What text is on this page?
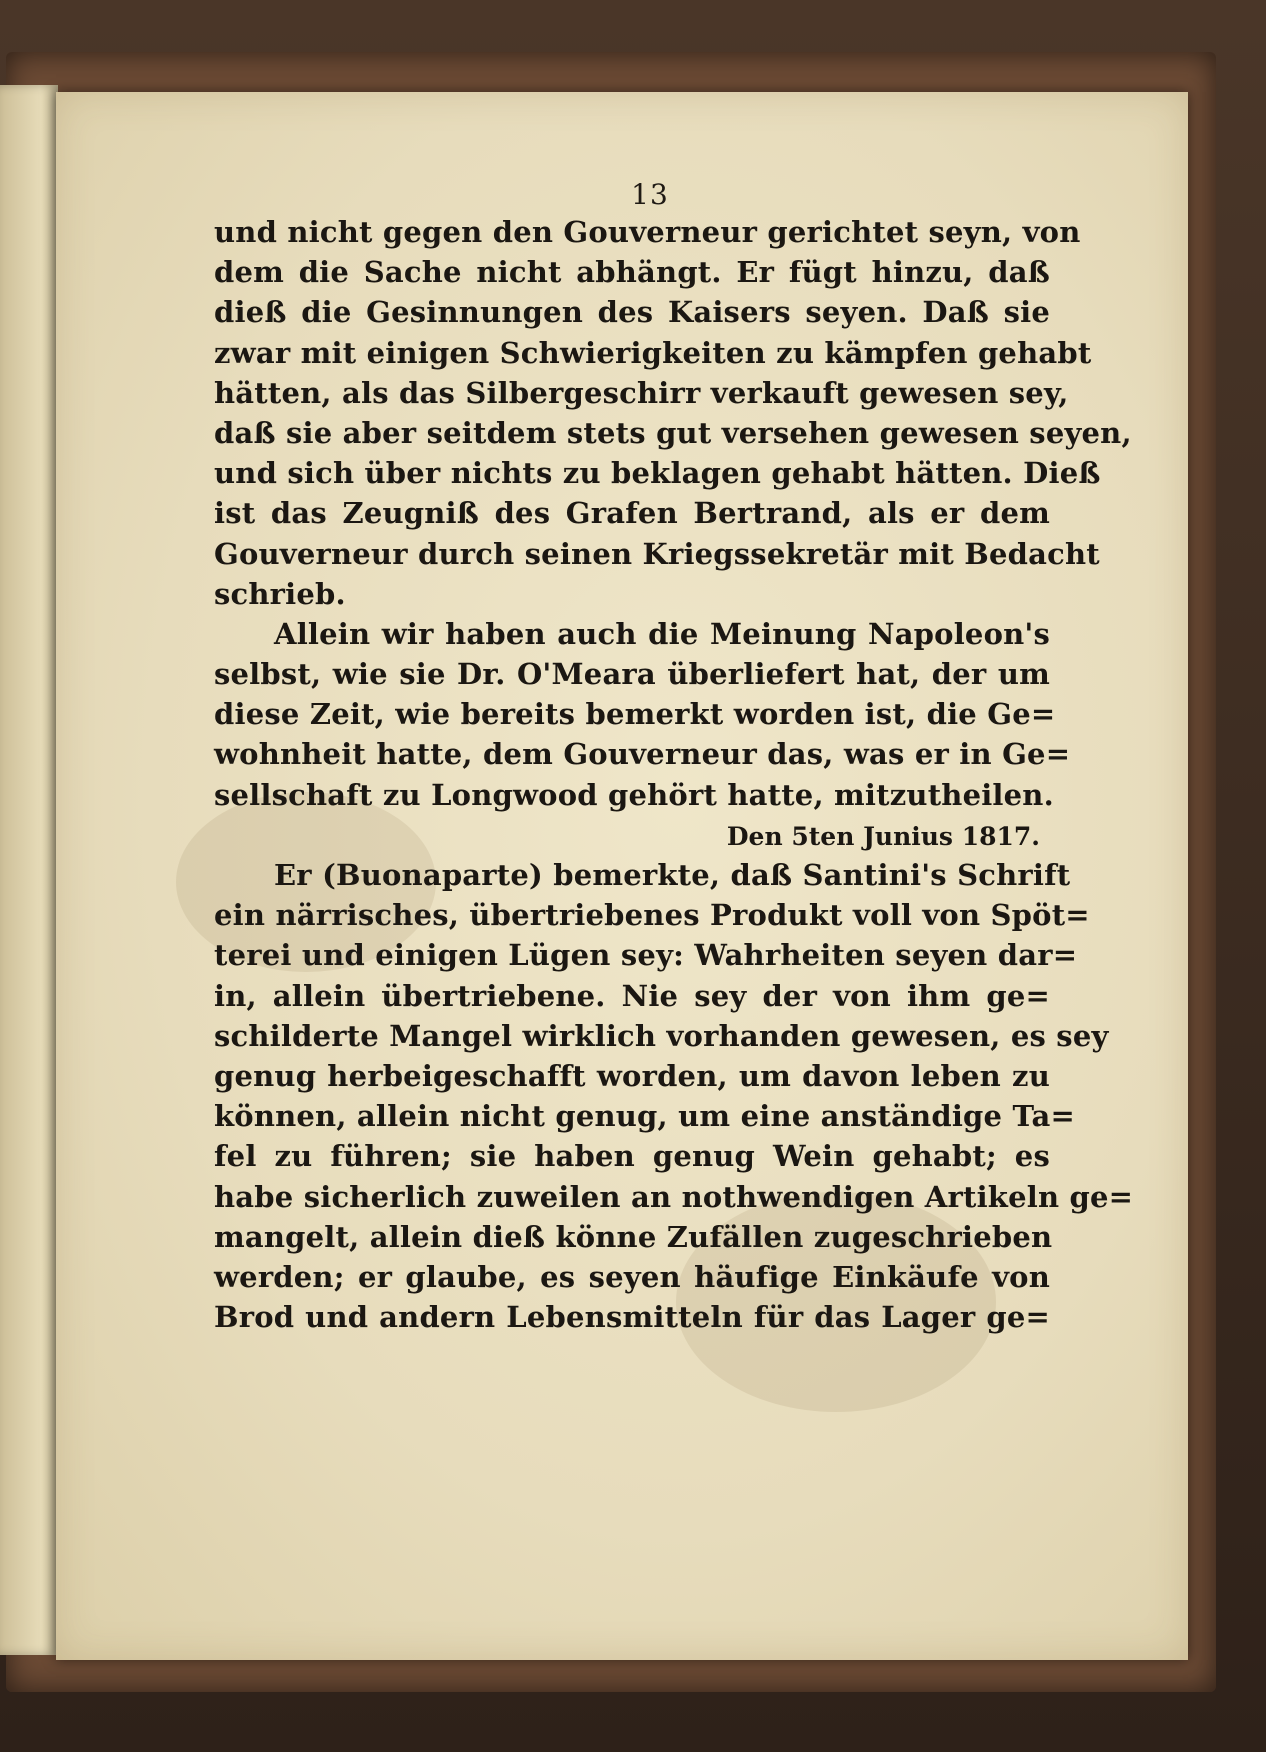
13
und nicht gegen den Gouverneur gerichtet seyn, von
dem die Sache nicht abhängt. Er fügt hinzu, daß
dieß die Gesinnungen des Kaisers seyen. Daß sie
zwar mit einigen Schwierigkeiten zu kämpfen gehabt
hätten, als das Silbergeschirr verkauft gewesen sey,
daß sie aber seitdem stets gut versehen gewesen seyen,
und sich über nichts zu beklagen gehabt hätten. Dieß
ist das Zeugniß des Grafen Bertrand, als er dem
Gouverneur durch seinen Kriegssekretär mit Bedacht
schrieb.
Allein wir haben auch die Meinung Napoleon's
selbst, wie sie Dr. O'Meara überliefert hat, der um
diese Zeit, wie bereits bemerkt worden ist, die Ge=
wohnheit hatte, dem Gouverneur das, was er in Ge=
sellschaft zu Longwood gehört hatte, mitzutheilen.
Den 5ten Junius 1817.
Er (Buonaparte) bemerkte, daß Santini's Schrift
ein närrisches, übertriebenes Produkt voll von Spöt=
terei und einigen Lügen sey: Wahrheiten seyen dar=
in, allein übertriebene. Nie sey der von ihm ge=
schilderte Mangel wirklich vorhanden gewesen, es sey
genug herbeigeschafft worden, um davon leben zu
können, allein nicht genug, um eine anständige Ta=
fel zu führen; sie haben genug Wein gehabt; es
habe sicherlich zuweilen an nothwendigen Artikeln ge=
mangelt, allein dieß könne Zufällen zugeschrieben
werden; er glaube, es seyen häufige Einkäufe von
Brod und andern Lebensmitteln für das Lager ge=
